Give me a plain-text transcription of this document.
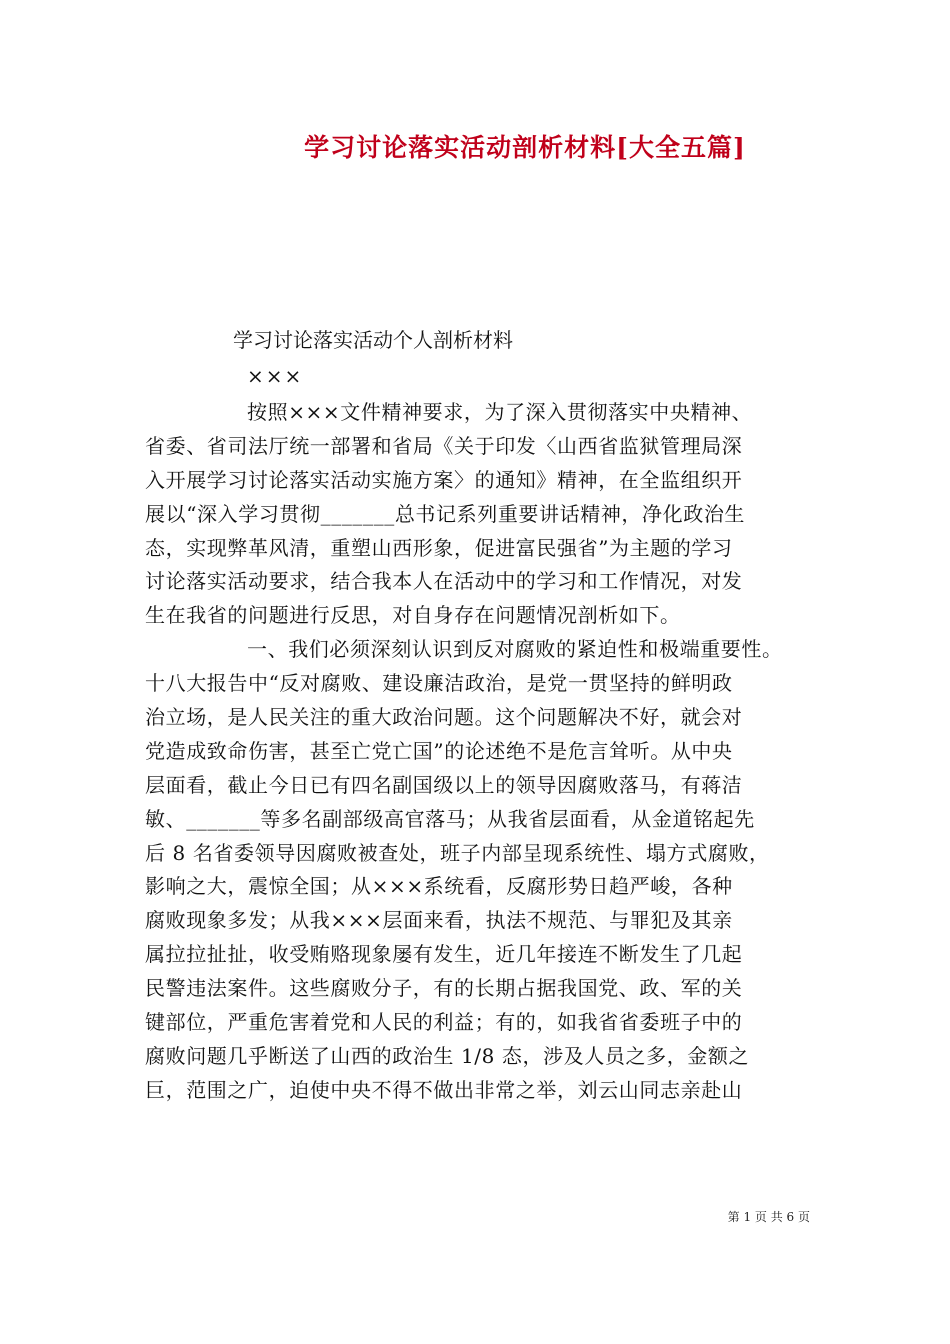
学习讨论落实活动剖析材料[大全五篇]
学习讨论落实活动个人剖析材料
×××
按照×××文件精神要求，为了深入贯彻落实中央精神、
省委、省司法厅统一部署和省局《关于印发〈山西省监狱管理局深
入开展学习讨论落实活动实施方案〉的通知》精神，在全监组织开
展以“深入学习贯彻_______总书记系列重要讲话精神，净化政治生
态，实现弊革风清，重塑山西形象，促进富民强省”为主题的学习
讨论落实活动要求，结合我本人在活动中的学习和工作情况，对发
生在我省的问题进行反思，对自身存在问题情况剖析如下。
一、我们必须深刻认识到反对腐败的紧迫性和极端重要性。
十八大报告中“反对腐败、建设廉洁政治，是党一贯坚持的鲜明政
治立场，是人民关注的重大政治问题。这个问题解决不好，就会对
党造成致命伤害，甚至亡党亡国”的论述绝不是危言耸听。从中央
层面看，截止今日已有四名副国级以上的领导因腐败落马，有蒋洁
敏、_______等多名副部级高官落马；从我省层面看，从金道铭起先
后 8 名省委领导因腐败被查处，班子内部呈现系统性、塌方式腐败，
影响之大，震惊全国；从×××系统看，反腐形势日趋严峻，各种
腐败现象多发；从我×××层面来看，执法不规范、与罪犯及其亲
属拉拉扯扯，收受贿赂现象屡有发生，近几年接连不断发生了几起
民警违法案件。这些腐败分子，有的长期占据我国党、政、军的关
键部位，严重危害着党和人民的利益；有的，如我省省委班子中的
腐败问题几乎断送了山西的政治生 1/8 态，涉及人员之多，金额之
巨，范围之广，迫使中央不得不做出非常之举，刘云山同志亲赴山
第 1 页 共 6 页
